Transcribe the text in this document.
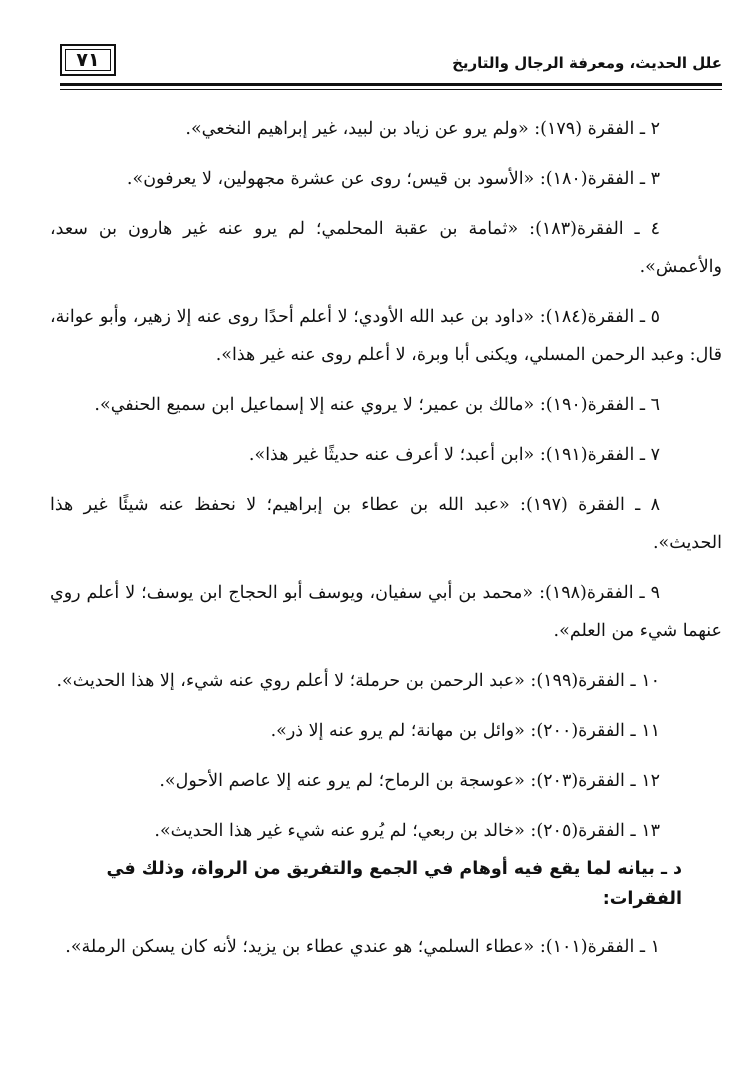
علل الحديث، ومعرفة الرجال والتاريخ
٧١

٢ ـ الفقرة (١٧٩): «ولم يرو عن زياد بن لبيد، غير إبراهيم النخعي».

٣ ـ الفقرة(١٨٠): «الأسود بن قيس؛ روى عن عشرة مجهولين، لا يعرفون».

٤ ـ الفقرة(١٨٣): «ثمامة بن عقبة المحلمي؛ لم يرو عنه غير هارون بن سعد، والأعمش».

٥ ـ الفقرة(١٨٤): «داود بن عبد الله الأودي؛ لا أعلم أحدًا روى عنه إلا زهير، وأبو عوانة، قال: وعبد الرحمن المسلي، ويكنى أبا وبرة، لا أعلم روى عنه غير هذا».

٦ ـ الفقرة(١٩٠): «مالك بن عمير؛ لا يروي عنه إلا إسماعيل ابن سميع الحنفي».

٧ ـ الفقرة(١٩١): «ابن أعبد؛ لا أعرف عنه حديثًا غير هذا».

٨ ـ الفقرة (١٩٧): «عبد الله بن عطاء بن إبراهيم؛ لا نحفظ عنه شيئًا غير هذا الحديث».

٩ ـ الفقرة(١٩٨): «محمد بن أبي سفيان، ويوسف أبو الحجاج ابن يوسف؛ لا أعلم روي عنهما شيء من العلم».

١٠ ـ الفقرة(١٩٩): «عبد الرحمن بن حرملة؛ لا أعلم روي عنه شيء، إلا هذا الحديث».

١١ ـ الفقرة(٢٠٠): «وائل بن مهانة؛ لم يرو عنه إلا ذر».

١٢ ـ الفقرة(٢٠٣): «عوسجة بن الرماح؛ لم يرو عنه إلا عاصم الأحول».

١٣ ـ الفقرة(٢٠٥): «خالد بن ربعي؛ لم يُرو عنه شيء غير هذا الحديث».

د ـ بيانه لما يقع فيه أوهام في الجمع والتفريق من الرواة، وذلك في الفقرات:

١ ـ الفقرة(١٠١): «عطاء السلمي؛ هو عندي عطاء بن يزيد؛ لأنه كان يسكن الرملة».
